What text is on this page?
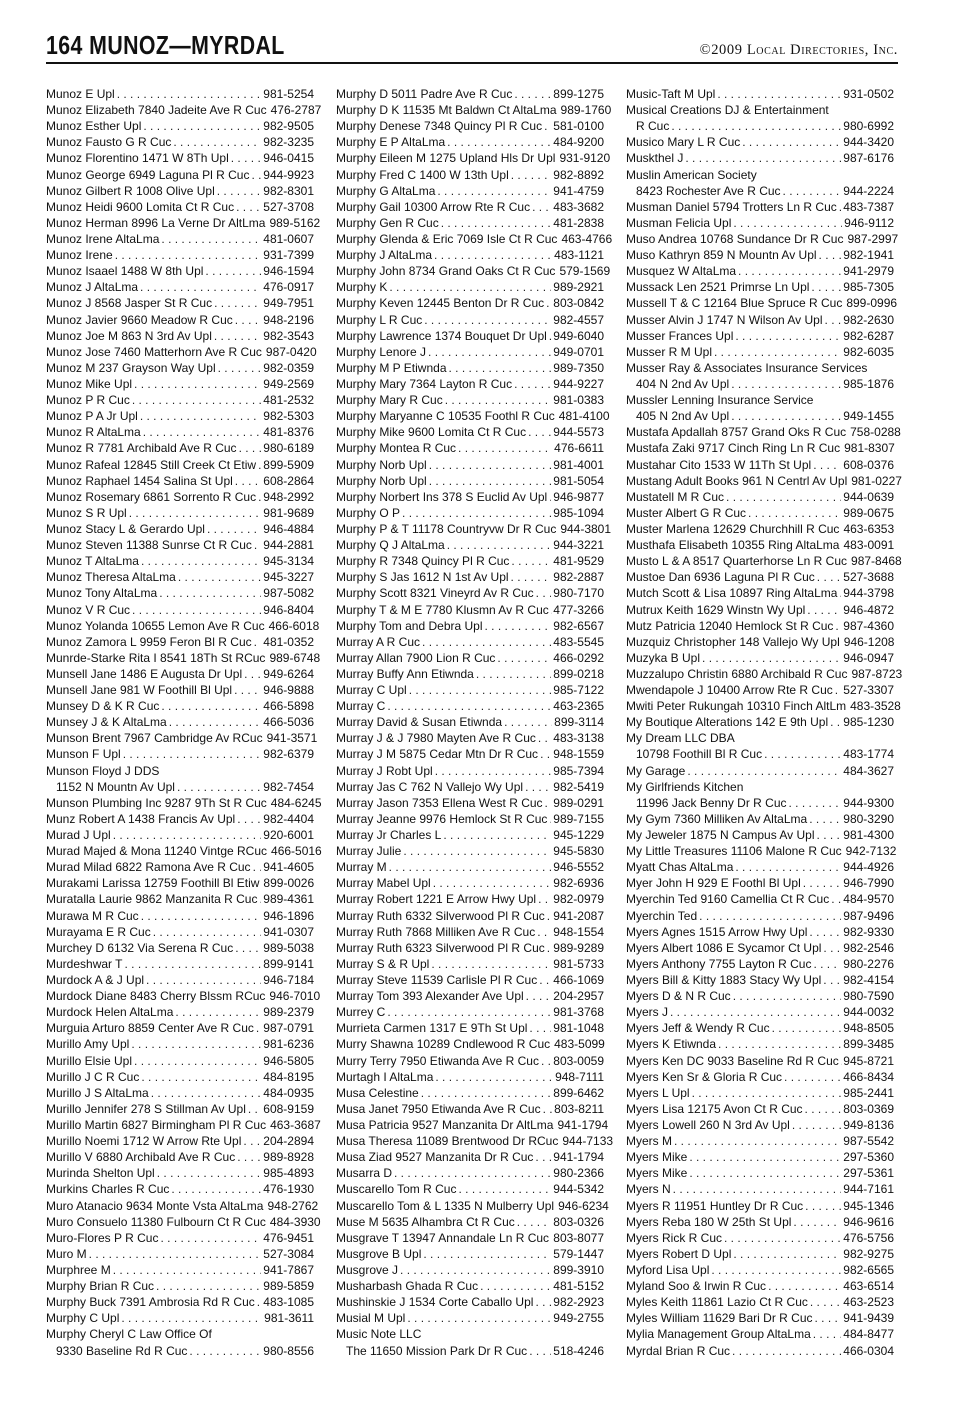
164 MUNOZ—MYRDAL	©2009 Local Directories, Inc.
Munoz E Upl . . .	981-5254
Munoz Elizabeth 7840 Jadeite Ave R Cuc 476-2787
Munoz Esther Upl . . .	982-9505
Munoz Fausto G R Cuc . . .	982-3235
Munoz Florentino 1471 W 8Th Upl . . .	946-0415
Munoz George 6949 Laguna Pl R Cuc . . . 944-9923
Munoz Gilbert R 1008 Olive Upl . . .	982-8301
Munoz Heidi 9600 Lomita Ct R Cuc . . . 527-3708
Munoz Herman 8996 La Verne Dr AltLma 989-5162
Munoz Irene AltaLma . . .	481-0607
Munoz Irene . . .	931-7399
Munoz Isaael 1488 W 8th Upl . . .	946-1594
Munoz J AltaLma . . .	476-0917
Munoz J 8568 Jasper St R Cuc . . .	949-7951
Munoz Javier 9660 Meadow R Cuc . . .	948-2196
Munoz Joe M 863 N 3rd Av Upl . . .	982-3543
Munoz Jose 7460 Matterhorn Ave R Cuc 987-0420
Munoz M 237 Grayson Way Upl . . .	982-0359
Munoz Mike Upl . . .	949-2569
Munoz P R Cuc . . .	481-2532
Munoz P A Jr Upl . . .	982-5303
Munoz R AltaLma . . .	481-8376
Munoz R 7781 Archibald Ave R Cuc . . . 980-6189
Munoz Rafeal 12845 Still Creek Ct Etiw . . . 899-5909
Munoz Raphael 1454 Salina St Upl . . .	608-2864
Munoz Rosemary 6861 Sorrento R Cuc . . . 948-2992
Munoz S R Upl . . .	981-9689
Munoz Stacy L & Gerardo Upl . . .	946-4884
Munoz Steven 11388 Sunrse Ct R Cuc . . . 944-2881
Munoz T AltaLma . . .	945-3134
Munoz Theresa AltaLma . . .	945-3227
Munoz Tony AltaLma . . .	987-5082
Munoz V R Cuc . . .	946-8404
Munoz Yolanda 10655 Lemon Ave R Cuc 466-6018
Munoz Zamora L 9959 Feron Bl R Cuc . . . 481-0352
Munrde-Starke Rita I 8541 18Th St RCuc 989-6748
Munsell Jane 1486 E Augusta Dr Upl . . . 949-6264
Munsell Jane 981 W Foothill Bl Upl . . .	946-9888
Munsey D & K R Cuc . . .	466-5898
Munsey J & K AltaLma . . .	466-5036
Munson Brent 7967 Cambridge Av RCuc 941-3571
Munson F Upl . . .	982-6379
Munson Floyd J DDS
1152 N Mountn Av Upl . . .	982-7454
Munson Plumbing Inc 9287 9Th St R Cuc 484-6245
Munz Robert A 1438 Francis Av Upl . . . 982-4404
Murad J Upl . . .	920-6001
Murad Majed & Mona 11240 Vintge RCuc 466-5016
Murad Milad 6822 Ramona Ave R Cuc . . . 941-4605
Murakami Larissa 12759 Foothill Bl Etiw 899-0026
Muratalla Laurie 9862 Manzanita R Cuc . . . 989-4361
Murawa M R Cuc . . .	946-1896
Murayama E R Cuc . . .	941-0307
Murchey D 6132 Via Serena R Cuc . . .	989-5038
Murdeshwar T . . .	899-9141
Murdock A & J Upl . . .	946-7184
Murdock Diane 8483 Cherry Blssm RCuc 946-7010
Murdock Helen AltaLma . . .	989-2379
Murguia Arturo 8859 Center Ave R Cuc . . . 987-0791
Murillo Amy Upl . . .	981-6236
Murillo Elsie Upl . . .	946-5805
Murillo J C R Cuc . . .	484-8195
Murillo J S AltaLma . . .	484-0935
Murillo Jennifer 278 S Stillman Av Upl . . . 608-9159
Murillo Martin 6827 Birmingham Pl R Cuc 463-3687
Murillo Noemi 1712 W Arrow Rte Upl . . . 204-2894
Murillo V 6880 Archibald Ave R Cuc . . . 989-8928
Murinda Shelton Upl . . .	985-4893
Murkins Charles R Cuc . . .	476-1930
Muro Atanacio 9634 Monte Vsta AltaLma 948-2762
Muro Consuelo 11380 Fulbourn Ct R Cuc 484-3930
Muro-Flores P R Cuc . . .	476-9451
Muro M . . .	527-3084
Murphree M . . .	941-7867
Murphy Brian R Cuc . . .	989-5859
Murphy Buck 7391 Ambrosia Rd R Cuc . . . 483-1085
Murphy C Upl . . .	981-3611
Murphy Cheryl C Law Office Of
9330 Baseline Rd R Cuc . . .	980-8556
Murphy D 5011 Padre Ave R Cuc . . .	899-1275
Murphy D K 11535 Mt Baldwn Ct AltaLma 989-1760
Murphy Denese 7348 Quincy Pl R Cuc . . . 581-0100
Murphy E P AltaLma . . .	484-9200
Murphy Eileen M 1275 Upland Hls Dr Upl 931-9120
Murphy Fred C 1400 W 13th Upl . . .	982-8892
Murphy G AltaLma . . .	941-4759
Murphy Gail 10300 Arrow Rte R Cuc . . . 483-3682
Murphy Gen R Cuc . . .	481-2838
Murphy Glenda & Eric 7069 Isle Ct R Cuc 463-4766
Murphy J AltaLma . . .	483-1121
Murphy John 8734 Grand Oaks Ct R Cuc 579-1569
Murphy K . . .	989-2921
Murphy Keven 12445 Benton Dr R Cuc . . . 803-0842
Murphy L R Cuc . . .	982-4557
Murphy Lawrence 1374 Bouquet Dr Upl . . . 949-6040
Murphy Lenore J . . .	949-0701
Murphy M P Etiwnda . . .	989-7350
Murphy Mary 7364 Layton R Cuc . . .	944-9227
Murphy Mary R Cuc . . .	981-0383
Murphy Maryanne C 10535 Foothl R Cuc 481-4100
Murphy Mike 9600 Lomita Ct R Cuc . . . 944-5573
Murphy Montea R Cuc . . .	476-6611
Murphy Norb Upl . . .	981-4001
Murphy Norb Upl . . .	981-5054
Murphy Norbert Ins 378 S Euclid Av Upl . . . 946-9877
Murphy O P . . .	985-1094
Murphy P & T 11178 Countryvw Dr R Cuc 944-3801
Murphy Q J AltaLma . . .	944-3221
Murphy R 7348 Quincy Pl R Cuc . . .	481-9529
Murphy S Jas 1612 N 1st Av Upl . . .	982-2887
Murphy Scott 8321 Vineyrd Av R Cuc . . . 980-7170
Murphy T & M E 7780 Klusmn Av R Cuc . . . 477-3266
Murphy Tom and Debra Upl . . .	982-6567
Murray A R Cuc . . .	483-5545
Murray Allan 7900 Lion R Cuc . . .	466-0292
Murray Buffy Ann Etiwnda . . .	899-0218
Murray C Upl . . .	985-7122
Murray C . . .	463-2365
Murray David & Susan Etiwnda . . .	899-3114
Murray J & J 7980 Mayten Ave R Cuc . . . 483-3138
Murray J M 5875 Cedar Mtn Dr R Cuc . . . 948-1559
Murray J Robt Upl . . .	985-7394
Murray Jas C 762 N Vallejo Wy Upl . . .	982-5419
Murray Jason 7353 Ellena West R Cuc . . . 989-0291
Murray Jeanne 9976 Hemlock St R Cuc . . . 989-7155
Murray Jr Charles L . . .	945-1229
Murray Julie . . .	945-5830
Murray M . . .	946-5552
Murray Mabel Upl . . .	982-6936
Murray Robert 1221 E Arrow Hwy Upl . . . 982-0979
Murray Ruth 6332 Silverwood Pl R Cuc . . . 941-2087
Murray Ruth 7868 Milliken Ave R Cuc . . . 948-1554
Murray Ruth 6323 Silverwood Pl R Cuc . . . 989-9289
Murray S & R Upl . . .	981-5733
Murray Steve 11539 Carlisle Pl R Cuc . . . 466-1069
Murray Tom 393 Alexander Ave Upl . . . 204-2957
Murrey C . . .	981-3768
Murrieta Carmen 1317 E 9Th St Upl . . . 981-1048
Murry Shawna 10289 Cndlewood R Cuc 483-5099
Murry Terry 7950 Etiwanda Ave R Cuc . . . 803-0059
Murtagh I AltaLma . . .	948-7111
Musa Celestine . . .	899-6462
Musa Janet 7950 Etiwanda Ave R Cuc . . . 803-8211
Musa Patricia 9527 Manzanita Dr AltLma 941-1794
Musa Theresa 11089 Brentwood Dr RCuc 944-7133
Musa Ziad 9527 Manzanita Dr R Cuc . . . 941-1794
Musarra D . . .	980-2366
Muscarello Tom R Cuc . . .	944-5342
Muscarello Tom & L 1335 N Mulberry Upl 946-6234
Muse M 5635 Alhambra Ct R Cuc . . .	803-0326
Musgrave T 13947 Annandale Ln R Cuc . . . 803-8077
Musgrove B Upl . . .	579-1447
Musgrove J . . .	899-3910
Musharbash Ghada R Cuc . . .	481-5152
Mushinskie J 1534 Corte Caballo Upl . . . 982-2923
Musial M Upl . . .	949-2755
Music Note LLC
The 11650 Mission Park Dr R Cuc . . . 518-4246
Music-Taft M Upl . . .	931-0502
Musical Creations DJ & Entertainment
R Cuc . . .	980-6992
Musico Mary L R Cuc . . .	944-3420
Muskthel J . . .	987-6176
Muslin American Society
8423 Rochester Ave R Cuc . . .	944-2224
Musman Daniel 5794 Trotters Ln R Cuc . . . 483-7387
Musman Felicia Upl . . .	946-9112
Muso Andrea 10768 Sundance Dr R Cuc 987-2997
Muso Kathryn 859 N Mountn Av Upl . . . 982-1941
Musquez W AltaLma . . .	941-2979
Mussack Len 2521 Primrse Ln Upl . . .	985-7305
Mussell T & C 12164 Blue Spruce R Cuc 899-0996
Musser Alvin J 1747 N Wilson Av Upl . . . 982-2630
Musser Frances Upl . . .	982-6287
Musser R M Upl . . .	982-6035
Musser Ray & Associates Insurance Services
404 N 2nd Av Upl . . .	985-1876
Mussler Lenning Insurance Service
405 N 2nd Av Upl . . .	949-1455
Mustafa Apdallah 8757 Grand Oks R Cuc 758-0288
Mustafa Zaki 9717 Cinch Ring Ln R Cuc 981-8307
Mustahar Cito 1533 W 11Th St Upl . . .	608-0376
Mustang Adult Books 961 N Centrl Av Upl 981-0227
Mustatell M R Cuc . . .	944-0639
Muster Albert G R Cuc . . .	989-0675
Muster Marlena 12629 Churchhill R Cuc 463-6353
Musthafa Elisabeth 10355 Ring AltaLma 483-0091
Musto L & A 8517 Quarterhorse Ln R Cuc 987-8468
Mustoe Dan 6936 Laguna Pl R Cuc . . . 527-3688
Mutch Scott & Lisa 10897 Ring AltaLma . . . 944-3798
Mutrux Keith 1629 Winstn Wy Upl . . .	946-4872
Mutz Patricia 12040 Hemlock St R Cuc . . . 987-4360
Muzquiz Christopher 148 Vallejo Wy Upl 946-1208
Muzyka B Upl . . .	946-0947
Muzzalupo Christin 6880 Archibald R Cuc 987-8723
Mwendapole J 10400 Arrow Rte R Cuc . . . 527-3307
Mwiti Peter Rukungah 10310 Finch AltLm 483-3528
My Boutique Alterations 142 E 9th Upl . . . 985-1230
My Dream LLC DBA
10798 Foothill Bl R Cuc . . .	483-1774
My Garage . . .	484-3627
My Girlfriends Kitchen
11996 Jack Benny Dr R Cuc . . .	944-9300
My Gym 7360 Milliken Av AltaLma . . .	980-3290
My Jeweler 1875 N Campus Av Upl . . . 981-4300
My Little Treasures 11106 Malone R Cuc 942-7132
Myatt Chas AltaLma . . .	944-4926
Myer John H 929 E Foothl Bl Upl . . .	946-7990
Myerchin Ted 9160 Camellia Ct R Cuc . . . 484-9570
Myerchin Ted . . .	987-9496
Myers Agnes 1515 Arrow Hwy Upl . . .	982-9330
Myers Albert 1086 E Sycamor Ct Upl . . . 982-2546
Myers Anthony 7755 Layton R Cuc . . .	980-2276
Myers Bill & Kitty 1883 Stacy Wy Upl . . . 982-4154
Myers D & N R Cuc . . .	980-7590
Myers J . . .	944-0032
Myers Jeff & Wendy R Cuc . . .	948-8505
Myers K Etiwnda . . .	899-3485
Myers Ken DC 9033 Baseline Rd R Cuc . . . 945-8721
Myers Ken Sr & Gloria R Cuc . . .	466-8434
Myers L Upl . . .	985-2441
Myers Lisa 12175 Avon Ct R Cuc . . .	803-0369
Myers Lowell 260 N 3rd Av Upl . . .	949-8136
Myers M . . .	987-5542
Myers Mike . . .	297-5360
Myers Mike . . .	297-5361
Myers N . . .	944-7161
Myers R 11951 Huntley Dr R Cuc . . .	945-1346
Myers Reba 180 W 25th St Upl . . .	946-9616
Myers Rick R Cuc . . .	476-5756
Myers Robert D Upl . . .	982-9275
Myford Lisa Upl . . .	982-6565
Myland Soo & Irwin R Cuc . . .	463-6514
Myles Keith 11861 Lazio Ct R Cuc . . .	463-2523
Myles William 11629 Bari Dr R Cuc . . .	941-9439
Mylia Management Group AltaLma . . .	484-8477
Myrdal Brian R Cuc . . .	466-0304
